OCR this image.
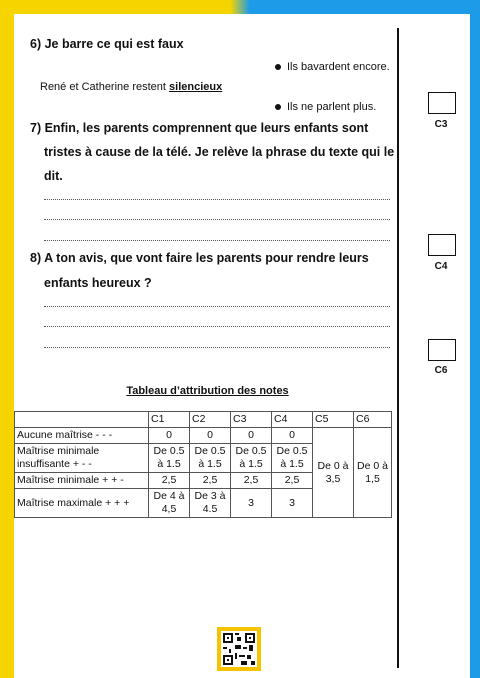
6) Je barre ce qui est faux
Ils bavardent encore.
René et Catherine restent silencieux
Ils ne parlent plus.
7) Enfin, les parents comprennent que leurs enfants sont
tristes à cause de la télé. Je relève la phrase du texte qui le
dit.
8) A ton avis, que vont faire les parents pour rendre leurs
enfants heureux ?
C3
C4
C6
Tableau d’attribution des notes
	C1	C2	C3	C4	C5	C6
Aucune maîtrise - - -	0	0	0	0	De 0 à 3,5	De 0 à 1,5
Maîtrise minimale insuffisante + - -	De 0.5 à 1.5	De 0.5 à 1.5	De 0.5 à 1.5	De 0.5 à 1.5		
Maîtrise minimale + + -	2,5	2,5	2,5	2,5		
Maîtrise maximale + + +	De 4 à 4,5	De 3 à 4.5	3	3		
